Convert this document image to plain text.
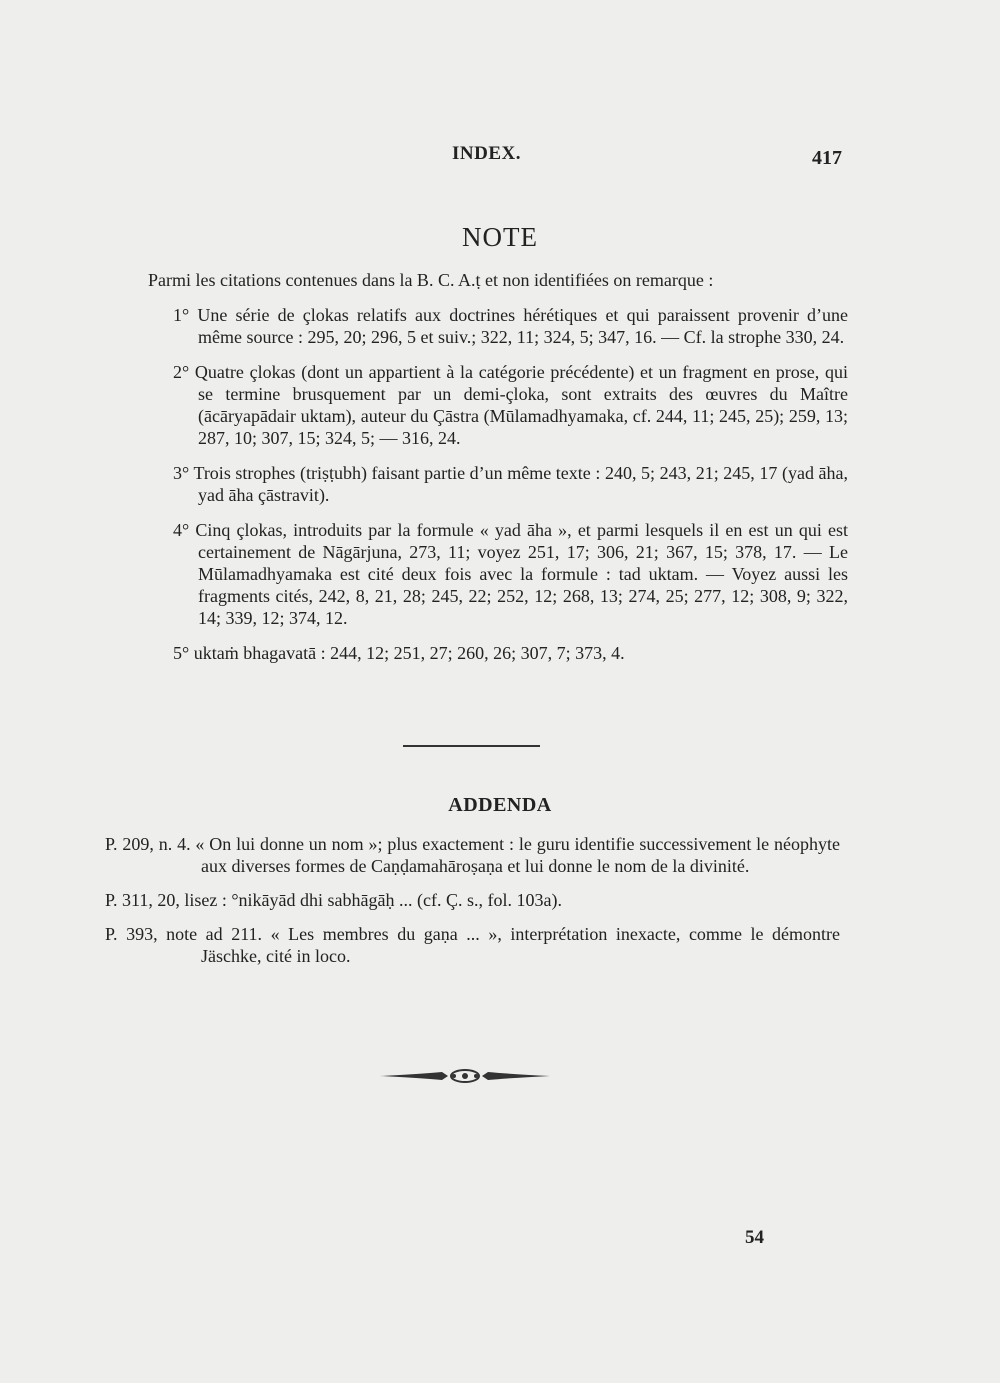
INDEX.	417
NOTE
Parmi les citations contenues dans la B. C. A.ṭ et non identifiées on remarque :
1° Une série de çlokas relatifs aux doctrines hérétiques et qui paraissent provenir d’une même source : 295, 20; 296, 5 et suiv.; 322, 11; 324, 5; 347, 16. — Cf. la strophe 330, 24.
2° Quatre çlokas (dont un appartient à la catégorie précédente) et un fragment en prose, qui se termine brusquement par un demi-çloka, sont extraits des œuvres du Maître (ācāryapādair uktam), auteur du Çāstra (Mūlamadhyamaka, cf. 244, 11; 245, 25); 259, 13; 287, 10; 307, 15; 324, 5; — 316, 24.
3° Trois strophes (triṣṭubh) faisant partie d’un même texte : 240, 5; 243, 21; 245, 17 (yad āha, yad āha çāstravit).
4° Cinq çlokas, introduits par la formule « yad āha », et parmi lesquels il en est un qui est certainement de Nāgārjuna, 273, 11; voyez 251, 17; 306, 21; 367, 15; 378, 17. — Le Mūlamadhyamaka est cité deux fois avec la formule : tad uktam. — Voyez aussi les fragments cités, 242, 8, 21, 28; 245, 22; 252, 12; 268, 13; 274, 25; 277, 12; 308, 9; 322, 14; 339, 12; 374, 12.
5° uktaṁ bhagavatā : 244, 12; 251, 27; 260, 26; 307, 7; 373, 4.
ADDENDA
P. 209, n. 4. « On lui donne un nom »; plus exactement : le guru identifie successivement le néophyte aux diverses formes de Caṇḍamahāroṣaṇa et lui donne le nom de la divinité.
P. 311, 20, lisez : °nikāyād dhi sabhāgāḥ ... (cf. Ç. s., fol. 103a).
P. 393, note ad 211. « Les membres du gaṇa ... », interprétation inexacte, comme le démontre Jäschke, cité in loco.
54
